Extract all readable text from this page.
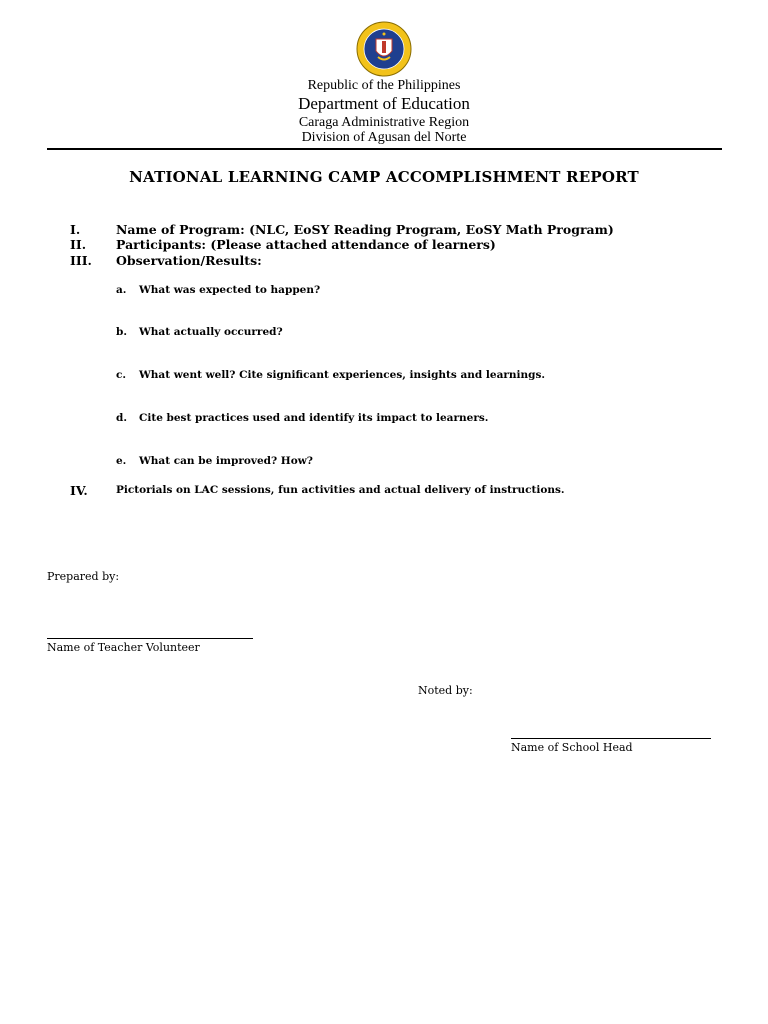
Republic of the Philippines
Department of Education
Caraga Administrative Region
Division of Agusan del Norte
NATIONAL LEARNING CAMP ACCOMPLISHMENT REPORT
I.	Name of Program: (NLC, EoSY Reading Program, EoSY Math Program)
II. Participants: (Please attached attendance of learners)
III. Observation/Results:
a. What was expected to happen?
b. What actually occurred?
c. What went well? Cite significant experiences, insights and learnings.
d. Cite best practices used and identify its impact to learners.
e. What can be improved? How?
IV.	Pictorials on LAC sessions, fun activities and actual delivery of instructions.
Prepared by:
Name of Teacher Volunteer
Noted by:
Name of School Head
